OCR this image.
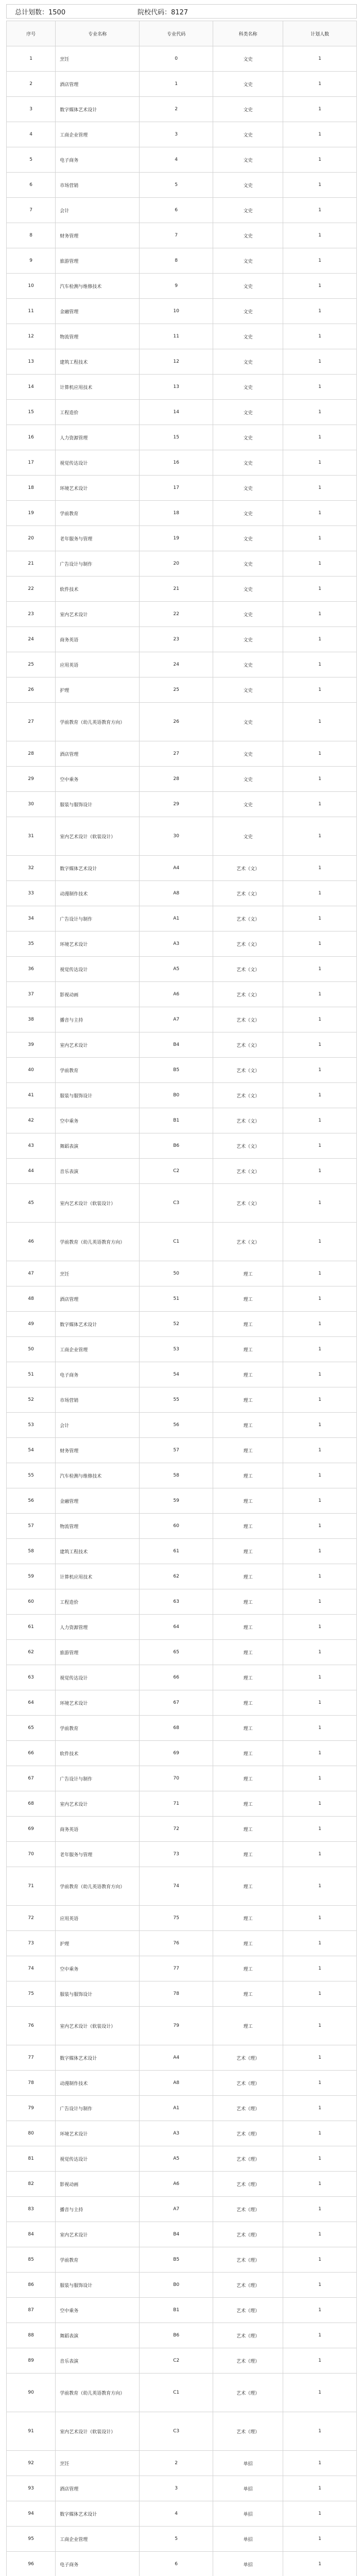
总计划数：1500	院校代码：8127
序号	专业名称	专业代码	科类名称	计划人数
1	烹饪	0	文史	1
2	酒店管理	1	文史	1
3	数字媒体艺术设计	2	文史	1
4	工商企业管理	3	文史	1
5	电子商务	4	文史	1
6	市场营销	5	文史	1
7	会计	6	文史	1
8	财务管理	7	文史	1
9	旅游管理	8	文史	1
10	汽车检测与维修技术	9	文史	1
11	金融管理	10	文史	1
12	物流管理	11	文史	1
13	建筑工程技术	12	文史	1
14	计算机应用技术	13	文史	1
15	工程造价	14	文史	1
16	人力资源管理	15	文史	1
17	视觉传达设计	16	文史	1
18	环境艺术设计	17	文史	1
19	学前教育	18	文史	1
20	老年服务与管理	19	文史	1
21	广告设计与制作	20	文史	1
22	软件技术	21	文史	1
23	室内艺术设计	22	文史	1
24	商务英语	23	文史	1
25	应用英语	24	文史	1
26	护理	25	文史	1
27	学前教育（幼儿英语教育方向）	26	文史	1
28	酒店管理	27	文史	1
29	空中乘务	28	文史	1
30	服装与服饰设计	29	文史	1
31	室内艺术设计（软装设计）	30	文史	1
32	数字媒体艺术设计	A4	艺术（文）	1
33	动漫制作技术	A8	艺术（文）	1
34	广告设计与制作	A1	艺术（文）	1
35	环境艺术设计	A3	艺术（文）	1
36	视觉传达设计	A5	艺术（文）	1
37	影视动画	A6	艺术（文）	1
38	播音与主持	A7	艺术（文）	1
39	室内艺术设计	B4	艺术（文）	1
40	学前教育	B5	艺术（文）	1
41	服装与服饰设计	B0	艺术（文）	1
42	空中乘务	B1	艺术（文）	1
43	舞蹈表演	B6	艺术（文）	1
44	音乐表演	C2	艺术（文）	1
45	室内艺术设计（软装设计）	C3	艺术（文）	1
46	学前教育（幼儿英语教育方向）	C1	艺术（文）	1
47	烹饪	50	理工	1
48	酒店管理	51	理工	1
49	数字媒体艺术设计	52	理工	1
50	工商企业管理	53	理工	1
51	电子商务	54	理工	1
52	市场营销	55	理工	1
53	会计	56	理工	1
54	财务管理	57	理工	1
55	汽车检测与维修技术	58	理工	1
56	金融管理	59	理工	1
57	物流管理	60	理工	1
58	建筑工程技术	61	理工	1
59	计算机应用技术	62	理工	1
60	工程造价	63	理工	1
61	人力资源管理	64	理工	1
62	旅游管理	65	理工	1
63	视觉传达设计	66	理工	1
64	环境艺术设计	67	理工	1
65	学前教育	68	理工	1
66	软件技术	69	理工	1
67	广告设计与制作	70	理工	1
68	室内艺术设计	71	理工	1
69	商务英语	72	理工	1
70	老年服务与管理	73	理工	1
71	学前教育（幼儿英语教育方向）	74	理工	1
72	应用英语	75	理工	1
73	护理	76	理工	1
74	空中乘务	77	理工	1
75	服装与服饰设计	78	理工	1
76	室内艺术设计（软装设计）	79	理工	1
77	数字媒体艺术设计	A4	艺术（理）	1
78	动漫制作技术	A8	艺术（理）	1
79	广告设计与制作	A1	艺术（理）	1
80	环境艺术设计	A3	艺术（理）	1
81	视觉传达设计	A5	艺术（理）	1
82	影视动画	A6	艺术（理）	1
83	播音与主持	A7	艺术（理）	1
84	室内艺术设计	B4	艺术（理）	1
85	学前教育	B5	艺术（理）	1
86	服装与服饰设计	B0	艺术（理）	1
87	空中乘务	B1	艺术（理）	1
88	舞蹈表演	B6	艺术（理）	1
89	音乐表演	C2	艺术（理）	1
90	学前教育（幼儿英语教育方向）	C1	艺术（理）	1
91	室内艺术设计（软装设计）	C3	艺术（理）	1
92	烹饪	2	单招	1
93	酒店管理	3	单招	1
94	数字媒体艺术设计	4	单招	1
95	工商企业管理	5	单招	1
96	电子商务	6	单招	1
